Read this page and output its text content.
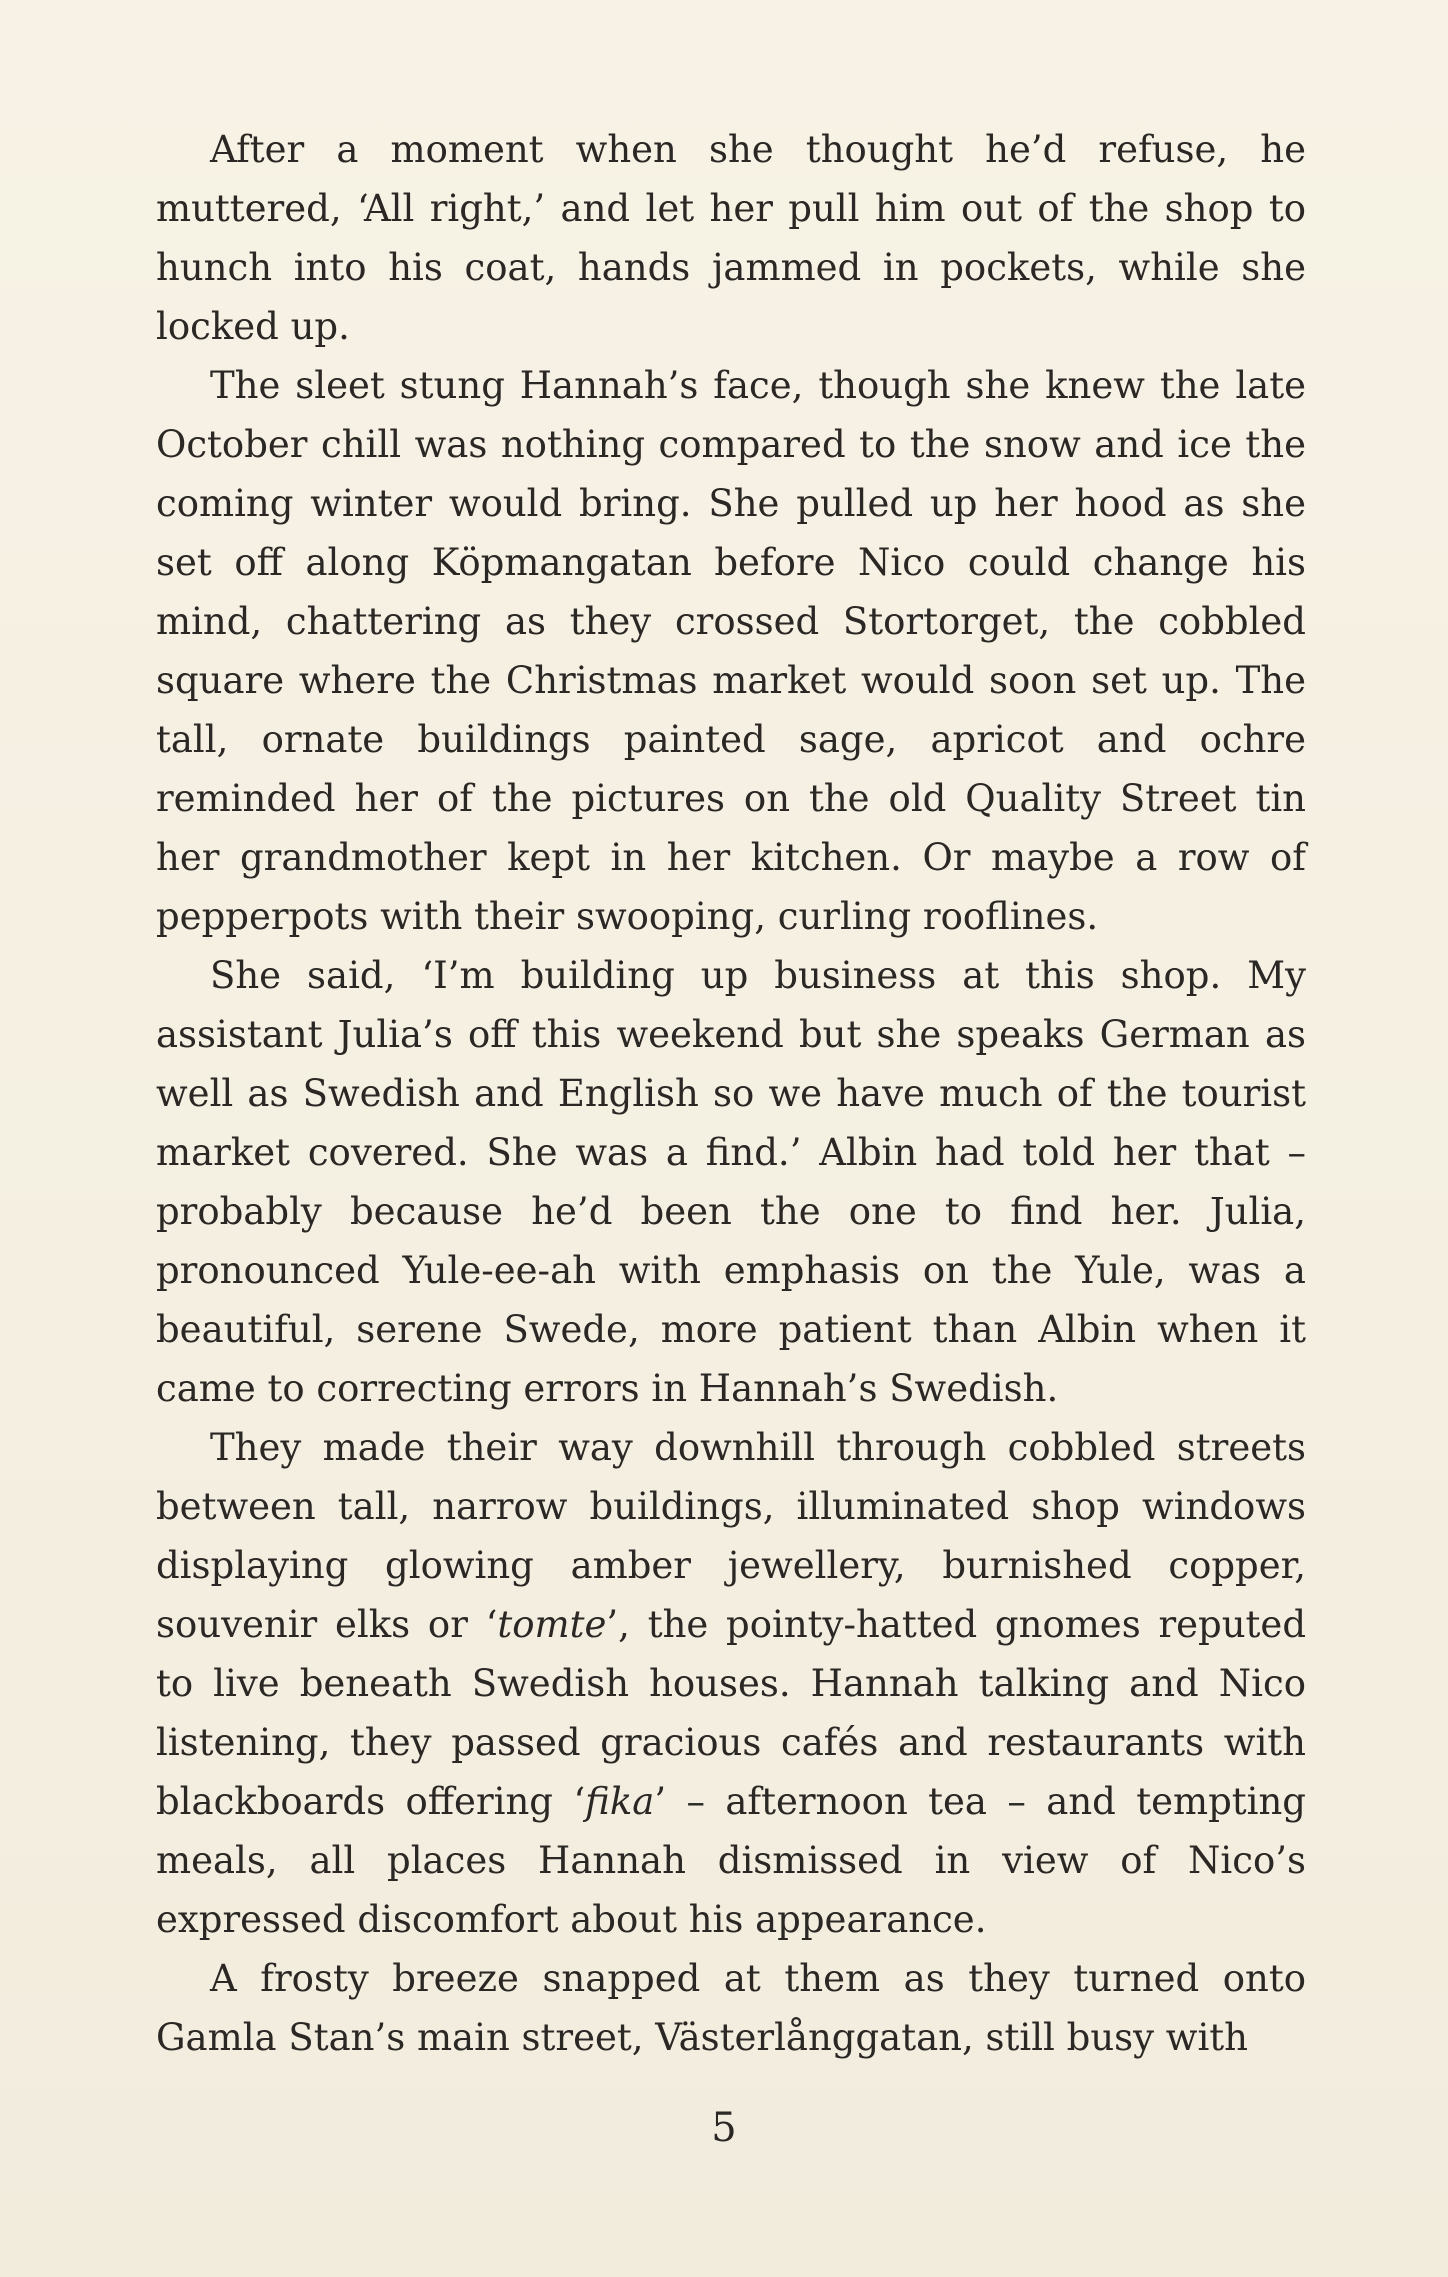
After a moment when she thought he’d refuse, he muttered, ‘All right,’ and let her pull him out of the shop to hunch into his coat, hands jammed in pockets, while she locked up.

The sleet stung Hannah’s face, though she knew the late October chill was nothing compared to the snow and ice the coming winter would bring. She pulled up her hood as she set off along Köpmangatan before Nico could change his mind, chattering as they crossed Stortorget, the cobbled square where the Christmas market would soon set up. The tall, ornate buildings painted sage, apricot and ochre reminded her of the pictures on the old Quality Street tin her grandmother kept in her kitchen. Or maybe a row of pepperpots with their swooping, curling rooflines.

She said, ‘I’m building up business at this shop. My assistant Julia’s off this weekend but she speaks German as well as Swedish and English so we have much of the tourist market covered. She was a find.’ Albin had told her that – probably because he’d been the one to find her. Julia, pronounced Yule-ee-ah with emphasis on the Yule, was a beautiful, serene Swede, more patient than Albin when it came to correcting errors in Hannah’s Swedish.

They made their way downhill through cobbled streets between tall, narrow buildings, illuminated shop windows displaying glowing amber jewellery, burnished copper, souvenir elks or ‘tomte’, the pointy-hatted gnomes reputed to live beneath Swedish houses. Hannah talking and Nico listening, they passed gracious cafés and restaurants with blackboards offering ‘fika’ – afternoon tea – and tempting meals, all places Hannah dismissed in view of Nico’s expressed discomfort about his appearance.

A frosty breeze snapped at them as they turned onto Gamla Stan’s main street, Västerlånggatan, still busy with

5
